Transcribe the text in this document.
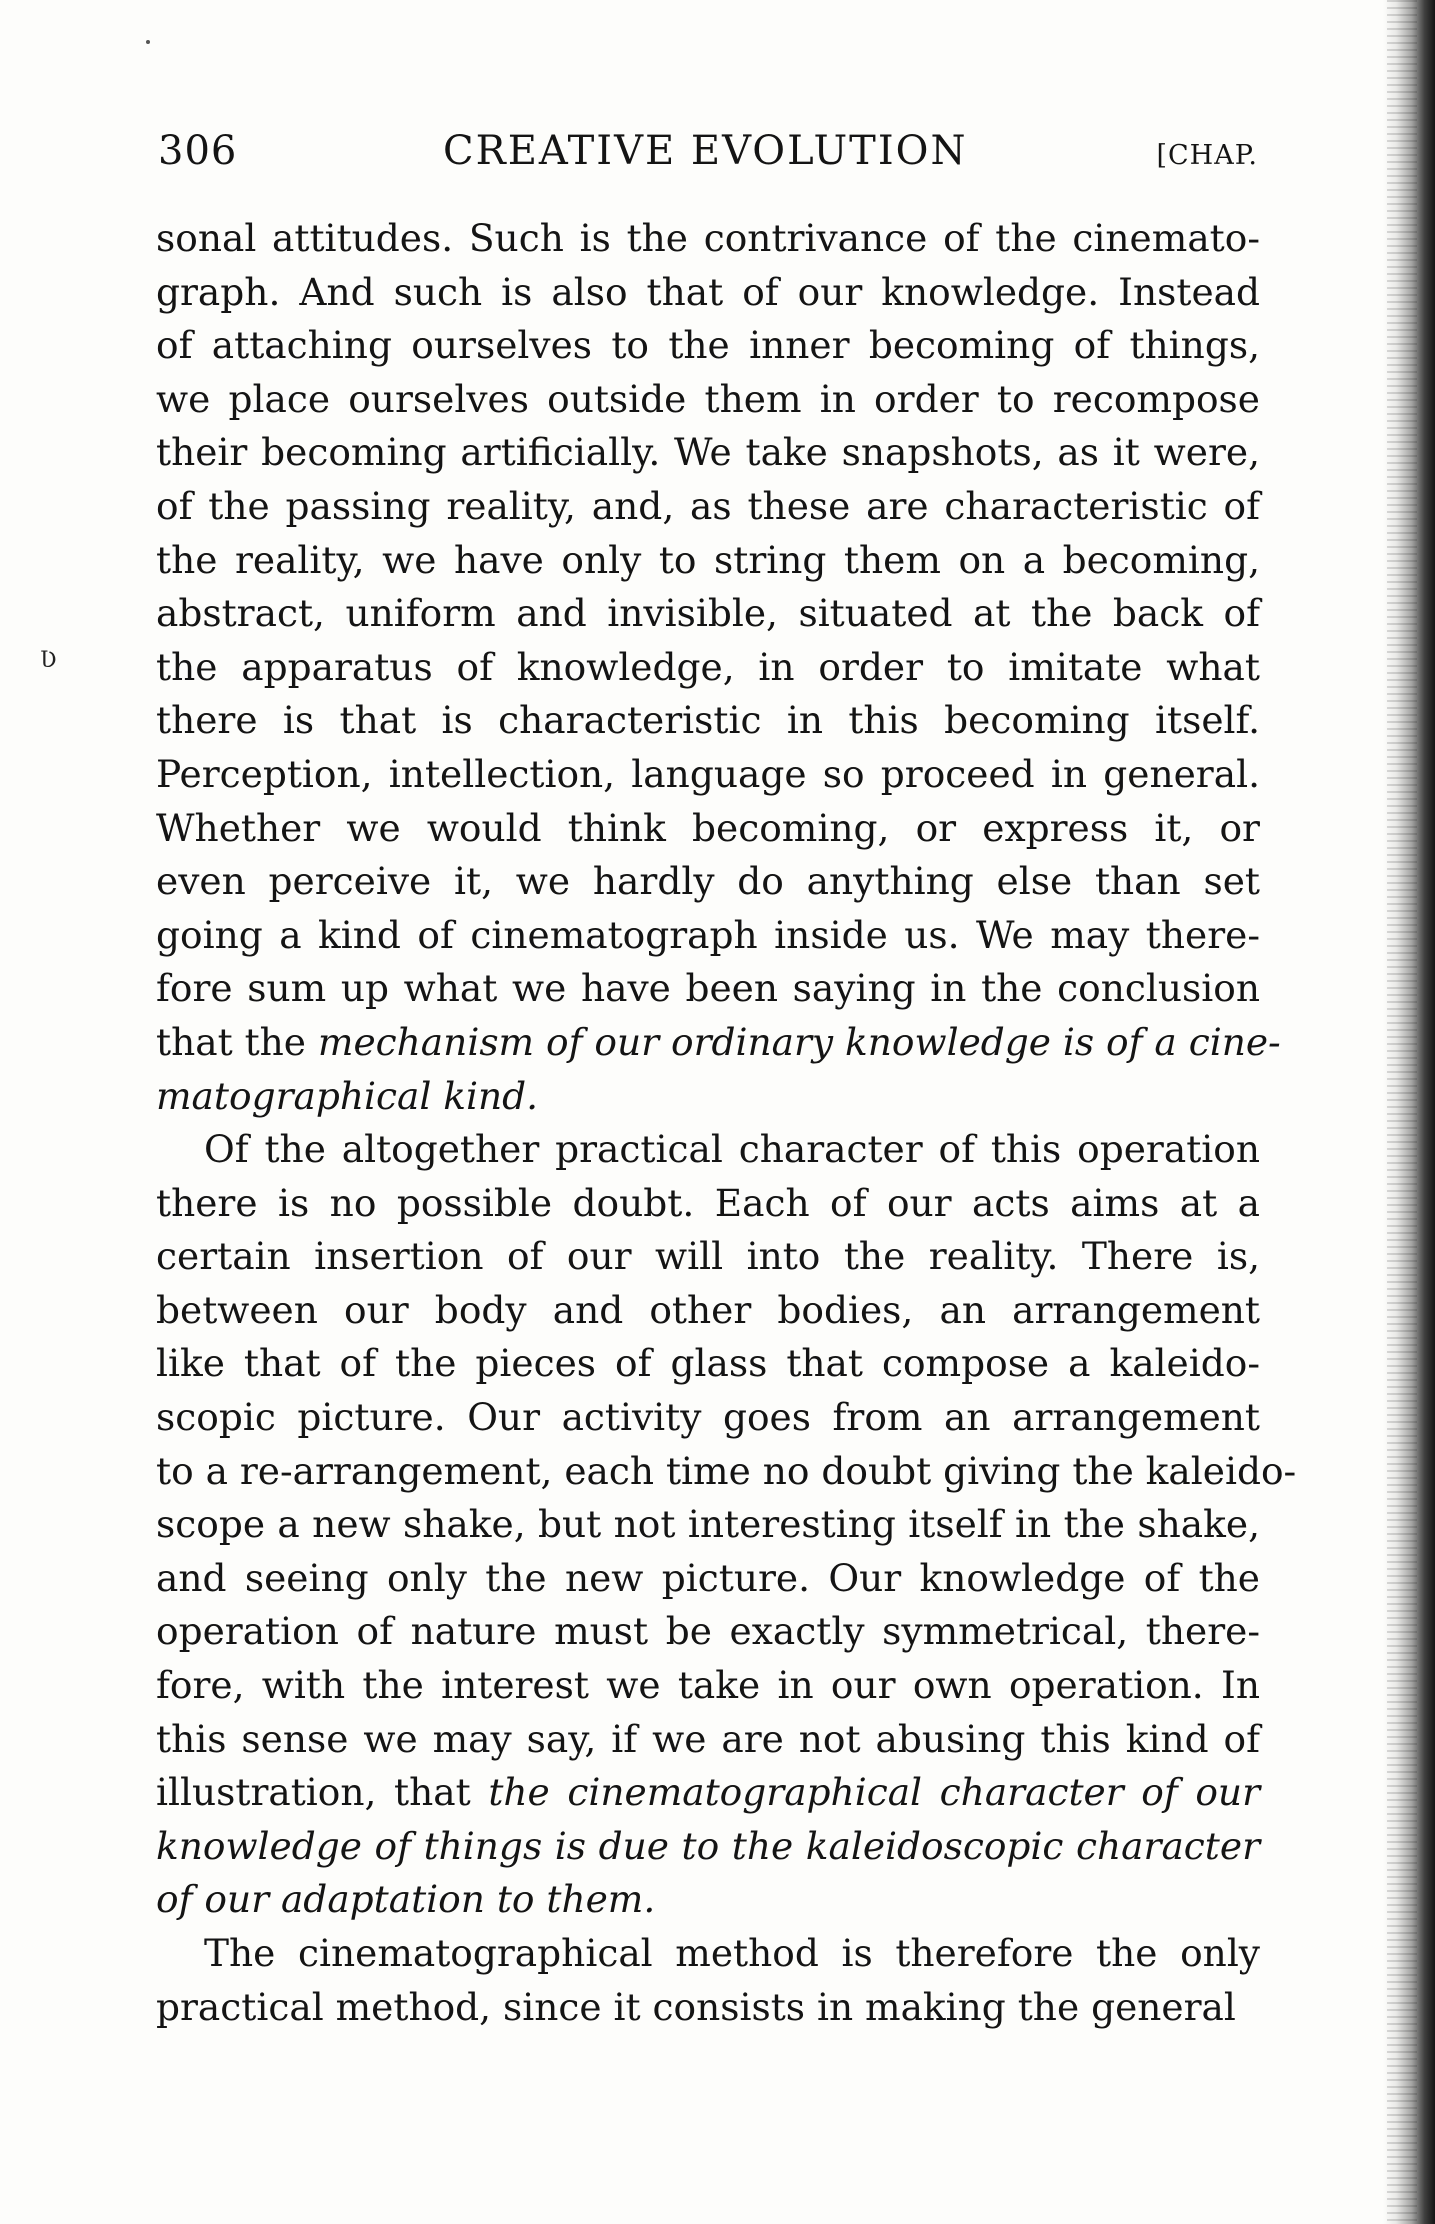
306	CREATIVE EVOLUTION	[CHAP.
Ʋ
sonal attitudes. Such is the contrivance of the cinemato-
graph. And such is also that of our knowledge. Instead
of attaching ourselves to the inner becoming of things,
we place ourselves outside them in order to recompose
their becoming artificially. We take snapshots, as it were,
of the passing reality, and, as these are characteristic of
the reality, we have only to string them on a becoming,
abstract, uniform and invisible, situated at the back of
the apparatus of knowledge, in order to imitate what
there is that is characteristic in this becoming itself.
Perception, intellection, language so proceed in general.
Whether we would think becoming, or express it, or
even perceive it, we hardly do anything else than set
going a kind of cinematograph inside us. We may there-
fore sum up what we have been saying in the conclusion
that the mechanism of our ordinary knowledge is of a cine-
matographical kind.
Of the altogether practical character of this operation
there is no possible doubt. Each of our acts aims at a
certain insertion of our will into the reality. There is,
between our body and other bodies, an arrangement
like that of the pieces of glass that compose a kaleido-
scopic picture. Our activity goes from an arrangement
to a re-arrangement, each time no doubt giving the kaleido-
scope a new shake, but not interesting itself in the shake,
and seeing only the new picture. Our knowledge of the
operation of nature must be exactly symmetrical, there-
fore, with the interest we take in our own operation. In
this sense we may say, if we are not abusing this kind of
illustration, that the cinematographical character of our
knowledge of things is due to the kaleidoscopic character
of our adaptation to them.
The cinematographical method is therefore the only
practical method, since it consists in making the general
